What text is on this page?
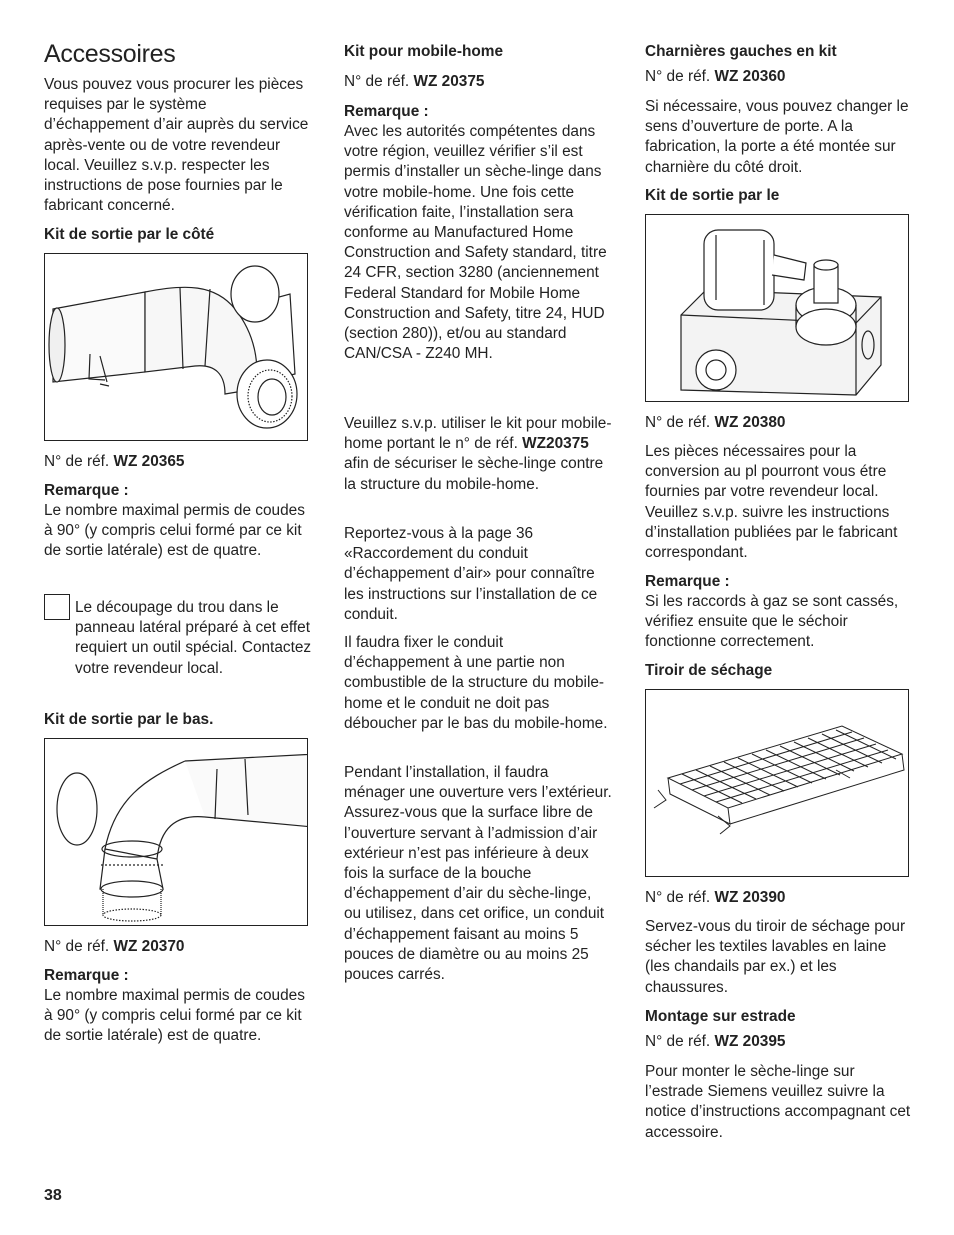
Accessoires

Vous pouvez vous procurer les pièces requises par le système d’échappement d’air auprès du service après-vente ou de votre revendeur local. Veuillez s.v.p. respecter les instructions de pose fournies par le fabricant concerné.

Kit de sortie par le côté
N° de réf. WZ 20365
Remarque :

Le nombre maximal permis de coudes à 90° (y compris celui formé par ce kit de sortie latérale) est de quatre.

Le découpage du trou dans le panneau latéral préparé à cet effet requiert un outil spécial. Contactez votre revendeur local.

Kit de sortie par le bas.
N° de réf. WZ 20370
Remarque :

Le nombre maximal permis de coudes à 90° (y compris celui formé par ce kit de sortie latérale) est de quatre.

Kit pour mobile-home
N° de réf. WZ 20375
Remarque :

Avec les autorités compétentes dans votre région, veuillez vérifier s’il est permis d’installer un sèche-linge dans votre mobile-home. Une fois cette vérification faite, l’installation sera conforme au Manufactured Home Construction and Safety standard, titre 24 CFR, section 3280 (anciennement Federal Standard for Mobile Home Construction and Safety, titre 24, HUD (section 280)), et/ou au standard CAN/CSA - Z240 MH.

Veuillez s.v.p. utiliser le kit pour mobile-home portant le n° de réf. WZ20375 afin de sécuriser le sèche-linge contre la structure du mobile-home.

Reportez-vous à la page 36 «Raccordement du conduit d’échappement d’air» pour connaître les instructions sur l’installation de ce conduit.

Il faudra fixer le conduit d’échappement à une partie non combustible de la structure du mobile-home et le conduit ne doit pas déboucher par le bas du mobile-home.

Pendant l’installation, il faudra ménager une ouverture vers l’extérieur. Assurez-vous que la surface libre de l’ouverture servant à l’admission d’air extérieur n’est pas inférieure à deux fois la surface de la bouche d’échappement d’air du sèche-linge, ou utilisez, dans cet orifice, un conduit d’échappement faisant au moins 5 pouces de diamètre ou au moins 25 pouces carrés.

Charnières gauches en kit
N° de réf. WZ 20360

Si nécessaire, vous pouvez changer le sens d’ouverture de porte. A la fabrication, la porte a été montée sur charnière du côté droit.

Kit de sortie par le
N° de réf. WZ 20380

Les pièces nécessaires pour la conversion au pl pourront vous étre fournies par votre revendeur local. Veuillez s.v.p. suivre les instructions d’installation publiées par le fabricant correspondant.

Remarque :

Si les raccords à gaz se sont cassés, vérifiez ensuite que le séchoir fonctionne correctement.

Tiroir de séchage
N° de réf. WZ 20390

Servez-vous du tiroir de séchage pour sécher les textiles lavables en laine (les chandails par ex.) et les chaussures.

Montage sur estrade
N° de réf. WZ 20395

Pour monter le sèche-linge sur l’estrade Siemens veuillez suivre la notice d’instructions accompagnant cet accessoire.

38
